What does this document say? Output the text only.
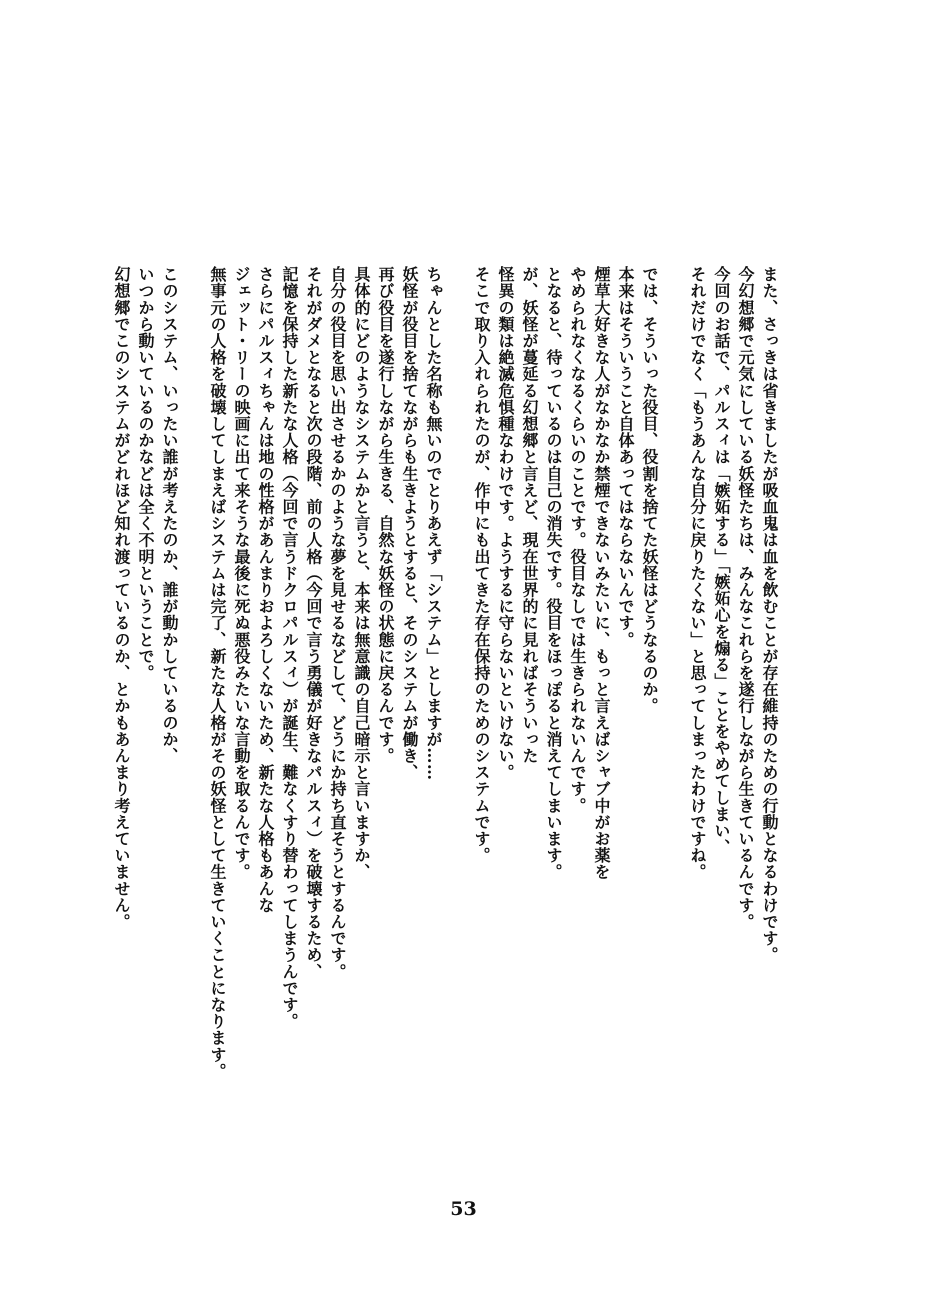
また、さっきは省きましたが吸血鬼は血を飲むことが存在維持のための行動となるわけです。
今幻想郷で元気にしている妖怪たちは、みんなこれらを遂行しながら生きているんです。
今回のお話で、パルスィは「嫉妬する」「嫉妬心を煽る」ことをやめてしまい、
それだけでなく「もうあんな自分に戻りたくない」と思ってしまったわけですね。
では、そういった役目、役割を捨てた妖怪はどうなるのか。
本来はそういうこと自体あってはならないんです。
煙草大好きな人がなかなか禁煙できないみたいに、もっと言えばシャブ中がお薬を
やめられなくなるくらいのことです。役目なしでは生きられないんです。
となると、待っているのは自己の消失です。役目をほっぽると消えてしまいます。
が、妖怪が蔓延る幻想郷と言えど、現在世界的に見ればそういった
怪異の類は絶滅危惧種なわけです。ようするに守らないといけない。
そこで取り入れられたのが、作中にも出てきた存在保持のためのシステムです。
ちゃんとした名称も無いのでとりあえず「システム」としますが……
妖怪が役目を捨てながらも生きようとすると、そのシステムが働き、
再び役目を遂行しながら生きる、自然な妖怪の状態に戻るんです。
具体的にどのようなシステムかと言うと、本来は無意識の自己暗示と言いますか、
自分の役目を思い出させるかのような夢を見せるなどして、どうにか持ち直そうとするんです。
それがダメとなると次の段階、前の人格（今回で言う勇儀が好きなパルスィ）を破壊するため、
記憶を保持した新たな人格（今回で言うドクロパルスィ）が誕生、難なくすり替わってしまうんです。
さらにパルスィちゃんは地の性格があんまりおよろしくないため、新たな人格もあんな
ジェット・リーの映画に出て来そうな最後に死ぬ悪役みたいな言動を取るんです。
無事元の人格を破壊してしまえばシステムは完了、新たな人格がその妖怪として生きていくことになります。
このシステム、いったい誰が考えたのか、誰が動かしているのか、
いつから動いているのかなどは全く不明ということで。
幻想郷でこのシステムがどれほど知れ渡っているのか、とかもあんまり考えていません。
53
